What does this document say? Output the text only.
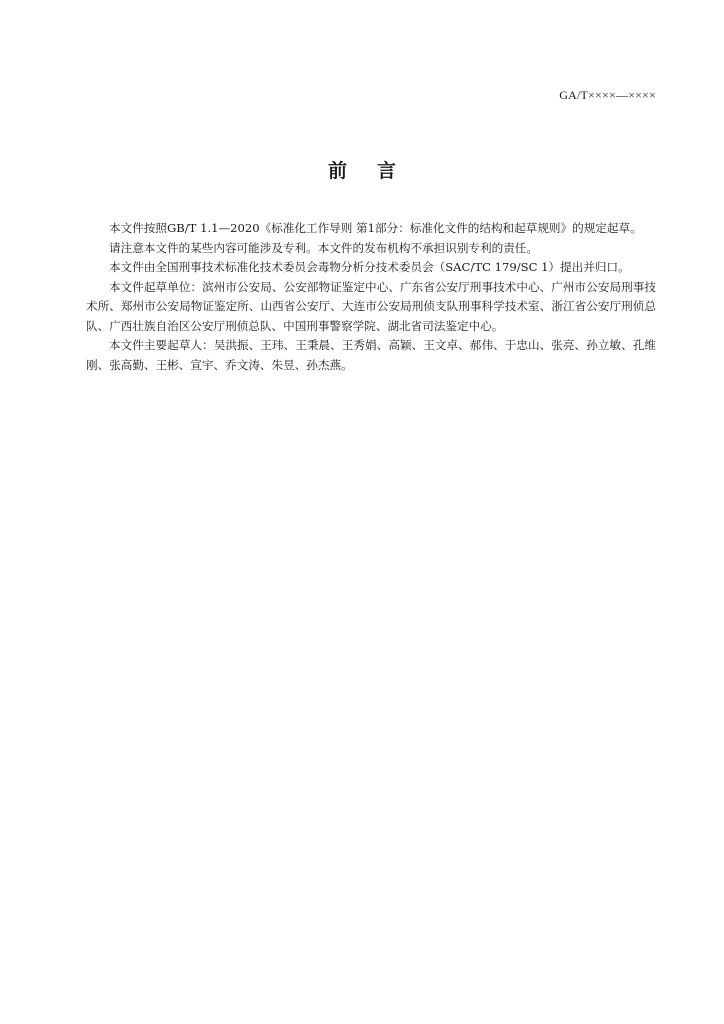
GA/T××××—××××
前言

本文件按照GB/T 1.1—2020《标准化工作导则 第1部分：标准化文件的结构和起草规则》的规定起草。

请注意本文件的某些内容可能涉及专利。本文件的发布机构不承担识别专利的责任。

本文件由全国刑事技术标准化技术委员会毒物分析分技术委员会（SAC/TC 179/SC 1）提出并归口。

本文件起草单位：滨州市公安局、公安部物证鉴定中心、广东省公安厅刑事技术中心、广州市公安局刑事技术所、郑州市公安局物证鉴定所、山西省公安厅、大连市公安局刑侦支队刑事科学技术室、浙江省公安厅刑侦总队、广西壮族自治区公安厅刑侦总队、中国刑事警察学院、湖北省司法鉴定中心。

本文件主要起草人：吴洪振、王玮、王秉晨、王秀娟、高颖、王文卓、郝伟、于忠山、张亮、孙立敏、孔维刚、张高勤、王彬、宣宇、乔文涛、朱昱、孙杰燕。
